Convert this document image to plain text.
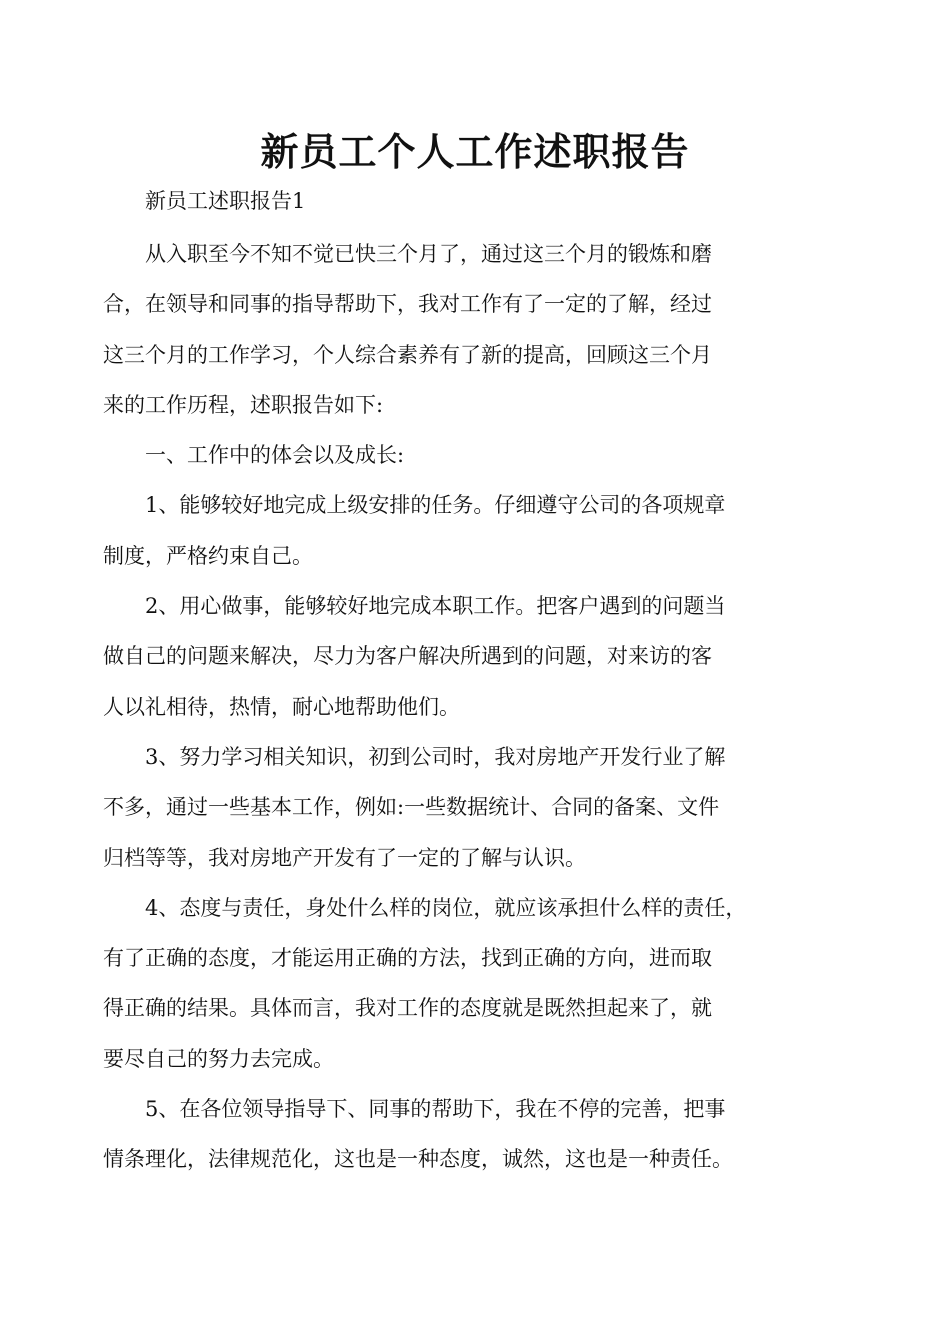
新员工个人工作述职报告

新员工述职报告1

从入职至今不知不觉已快三个月了，通过这三个月的锻炼和磨
合，在领导和同事的指导帮助下，我对工作有了一定的了解，经过
这三个月的工作学习，个人综合素养有了新的提高，回顾这三个月
来的工作历程，述职报告如下:

一、工作中的体会以及成长:

1、能够较好地完成上级安排的任务。仔细遵守公司的各项规章
制度，严格约束自己。

2、用心做事，能够较好地完成本职工作。把客户遇到的问题当
做自己的问题来解决，尽力为客户解决所遇到的问题，对来访的客
人以礼相待，热情，耐心地帮助他们。

3、努力学习相关知识，初到公司时，我对房地产开发行业了解
不多，通过一些基本工作，例如:一些数据统计、合同的备案、文件
归档等等，我对房地产开发有了一定的了解与认识。

4、态度与责任，身处什么样的岗位，就应该承担什么样的责任，
有了正确的态度，才能运用正确的方法，找到正确的方向，进而取
得正确的结果。具体而言，我对工作的态度就是既然担起来了，就
要尽自己的努力去完成。

5、在各位领导指导下、同事的帮助下，我在不停的完善，把事
情条理化，法律规范化，这也是一种态度，诚然，这也是一种责任。
